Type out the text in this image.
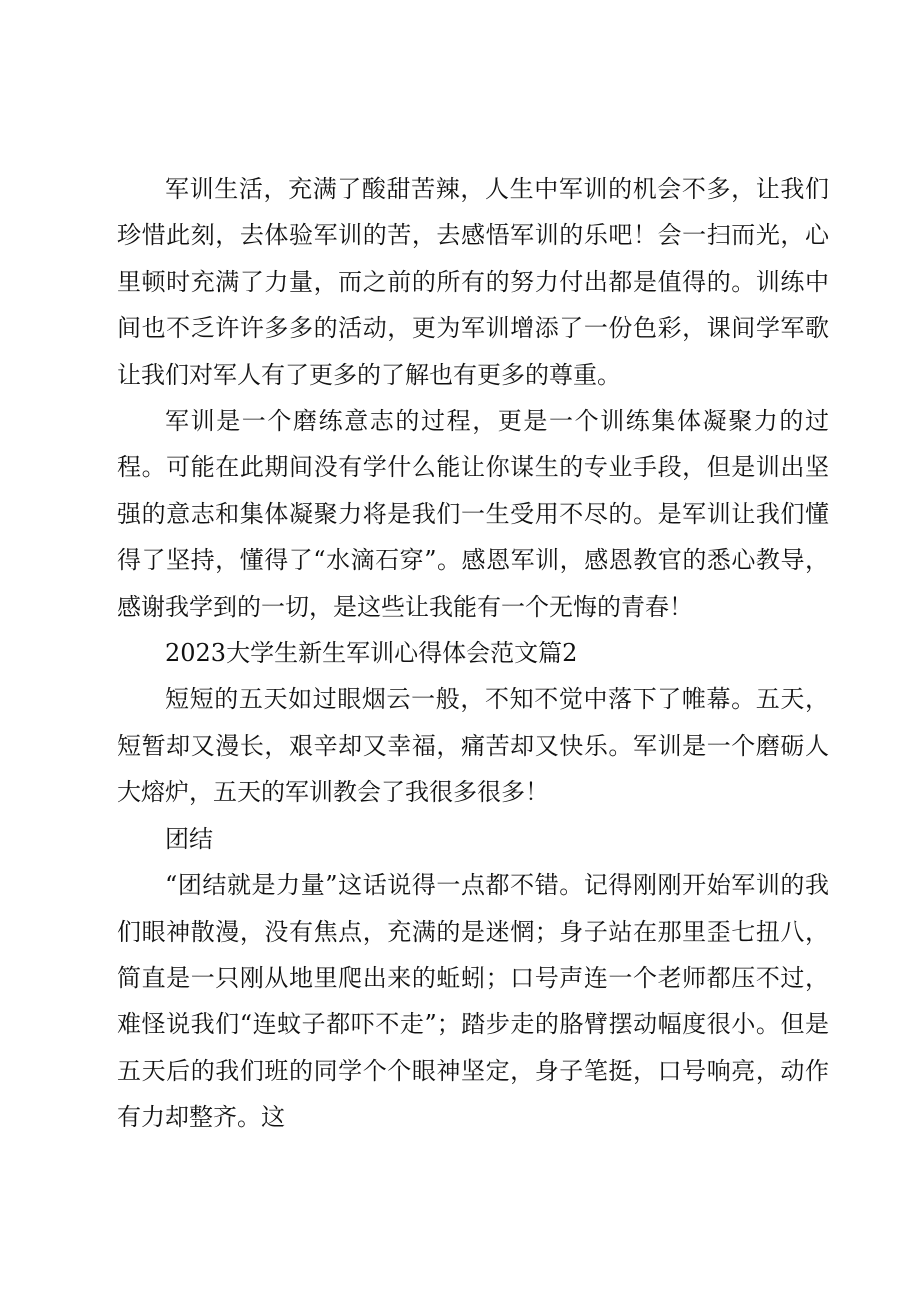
军训生活，充满了酸甜苦辣，人生中军训的机会不多，让我们珍惜此刻，去体验军训的苦，去感悟军训的乐吧！会一扫而光，心里顿时充满了力量，而之前的所有的努力付出都是值得的。训练中间也不乏许许多多的活动，更为军训增添了一份色彩，课间学军歌让我们对军人有了更多的了解也有更多的尊重。

军训是一个磨练意志的过程，更是一个训练集体凝聚力的过程。可能在此期间没有学什么能让你谋生的专业手段，但是训出坚强的意志和集体凝聚力将是我们一生受用不尽的。是军训让我们懂得了坚持，懂得了“水滴石穿”。感恩军训，感恩教官的悉心教导，感谢我学到的一切，是这些让我能有一个无悔的青春！

2023大学生新生军训心得体会范文篇2

短短的五天如过眼烟云一般，不知不觉中落下了帷幕。五天，短暂却又漫长，艰辛却又幸福，痛苦却又快乐。军训是一个磨砺人大熔炉，五天的军训教会了我很多很多！

团结

“团结就是力量”这话说得一点都不错。记得刚刚开始军训的我们眼神散漫，没有焦点，充满的是迷惘；身子站在那里歪七扭八，简直是一只刚从地里爬出来的蚯蚓；口号声连一个老师都压不过，难怪说我们“连蚊子都吓不走”；踏步走的胳臂摆动幅度很小。但是五天后的我们班的同学个个眼神坚定，身子笔挺，口号响亮，动作有力却整齐。这
